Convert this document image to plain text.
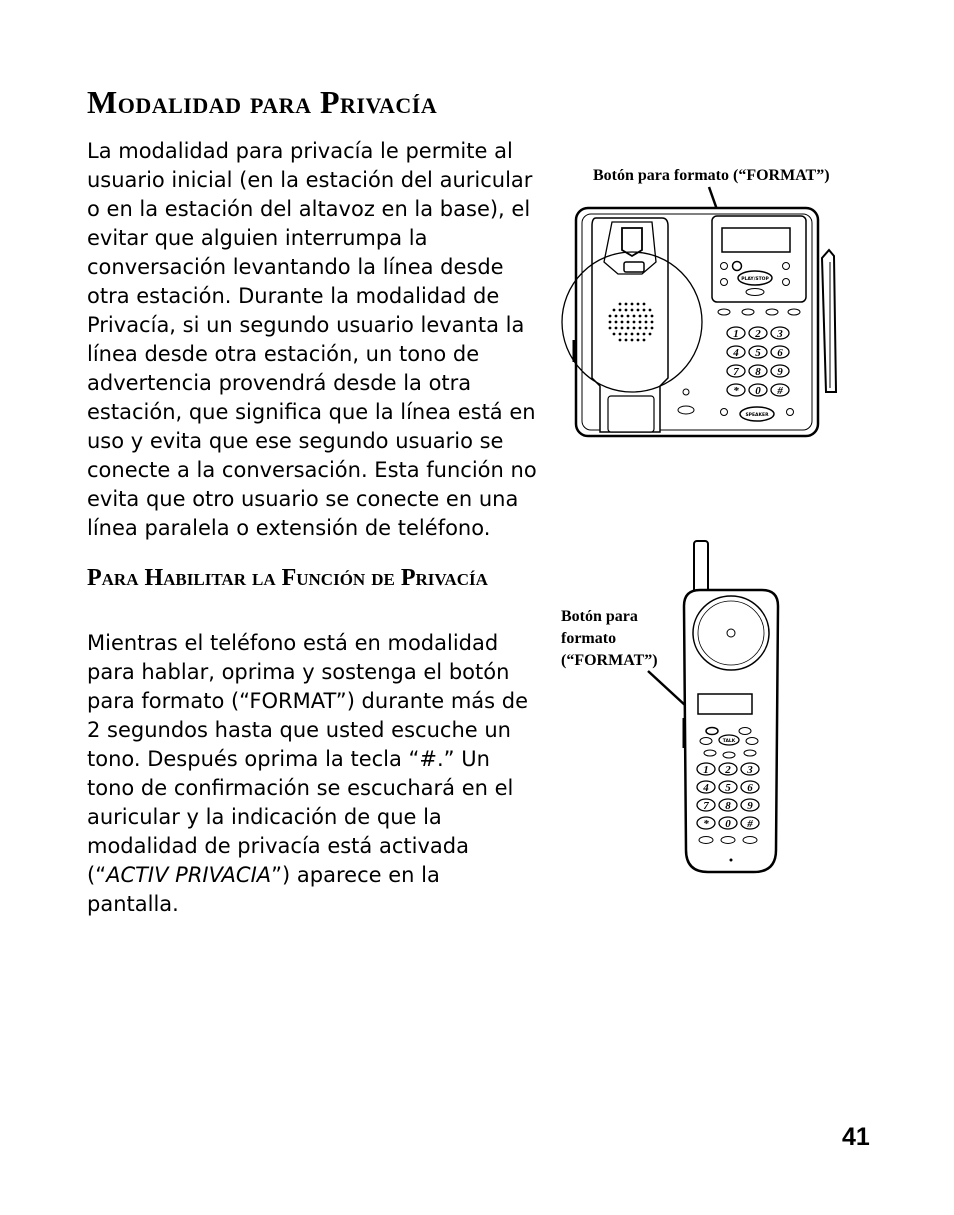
Modalidad para Privacía

La modalidad para privacía le permite al usuario inicial (en la estación del auricular o en la estación del altavoz en la base), el evitar que alguien interrumpa la conversación levantando la línea desde otra estación. Durante la modalidad de Privacía, si un segundo usuario levanta la línea desde otra estación, un tono de advertencia provendrá desde la otra estación, que significa que la línea está en uso y evita que ese segundo usuario se conecte a la conversación. Esta función no evita que otro usuario se conecte en una línea paralela o extensión de teléfono.

Para Habilitar la Función de Privacía

Mientras el teléfono está en modalidad para hablar, oprima y sostenga el botón para formato (“FORMAT”) durante más de 2 segundos hasta que usted escuche un tono. Después oprima la tecla “#.” Un tono de confirmación se escuchará en el auricular y la indicación de que la modalidad de privacía está activada (“ACTIV PRIVACIA”) aparece en la pantalla.

Botón para formato (“FORMAT”)

Botón para formato (“FORMAT”)

PLAY/STOP
1 2 3
4 5 6
7 8 9
* 0 #
SPEAKER
TALK
1 2 3
4 5 6
7 8 9
* 0 #
41
